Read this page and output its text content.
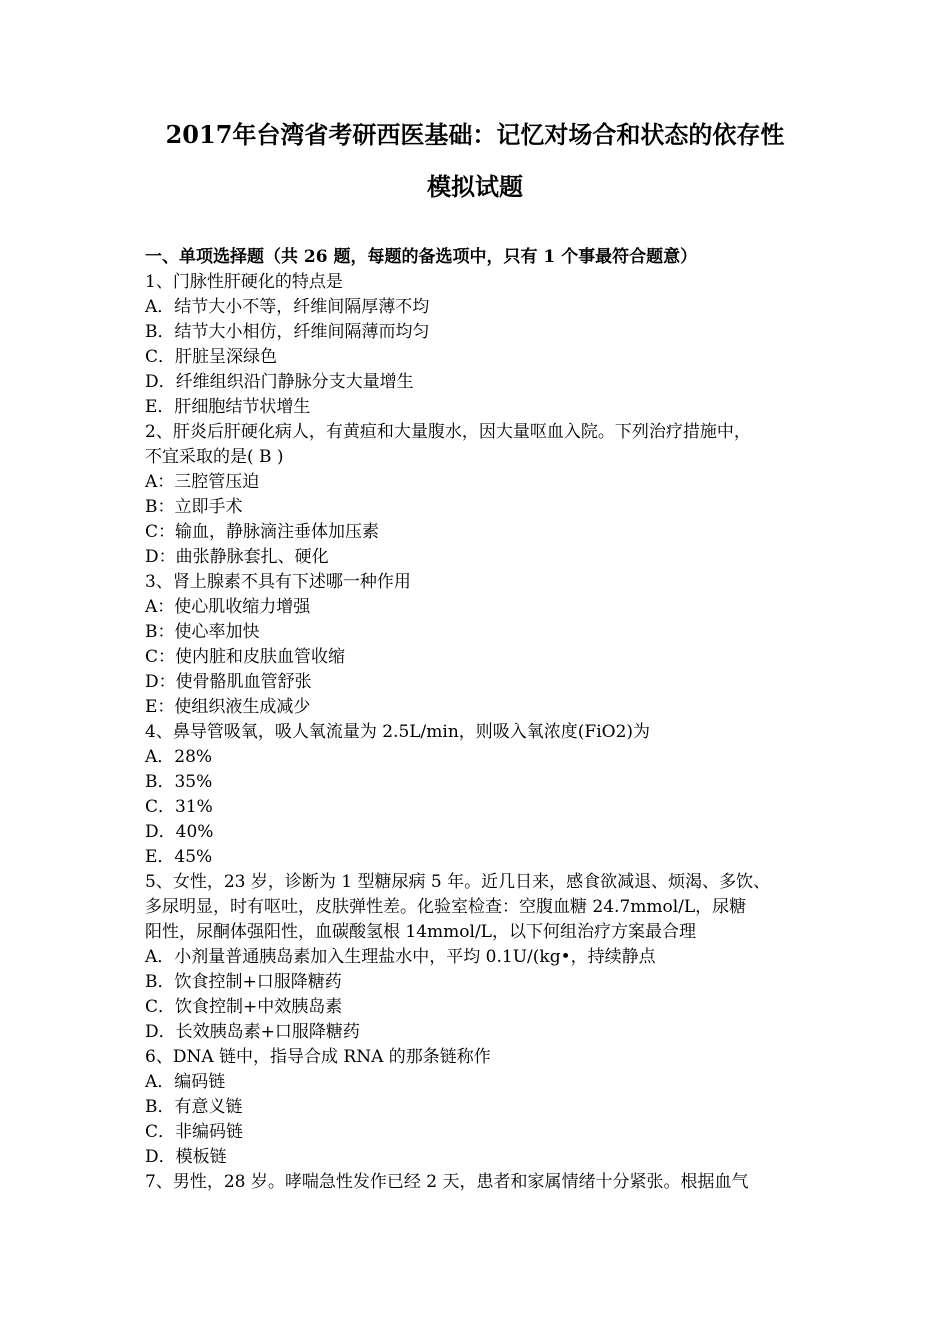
2017年台湾省考研西医基础：记忆对场合和状态的依存性
模拟试题
一、单项选择题（共 26 题，每题的备选项中，只有 1 个事最符合题意）
1、门脉性肝硬化的特点是
A．结节大小不等，纤维间隔厚薄不均
B．结节大小相仿，纤维间隔薄而均匀
C．肝脏呈深绿色
D．纤维组织沿门静脉分支大量增生
E．肝细胞结节状增生
2、肝炎后肝硬化病人，有黄疸和大量腹水，因大量呕血入院。下列治疗措施中，
不宜采取的是( B )
A：三腔管压迫
B：立即手术
C：输血，静脉滴注垂体加压素
D：曲张静脉套扎、硬化
3、肾上腺素不具有下述哪一种作用
A：使心肌收缩力增强
B：使心率加快
C：使内脏和皮肤血管收缩
D：使骨骼肌血管舒张
E：使组织液生成减少
4、鼻导管吸氧，吸人氧流量为 2.5L/min，则吸入氧浓度(FiO2)为
A．28%
B．35%
C．31%
D．40%
E．45%
5、女性，23 岁，诊断为 1 型糖尿病 5 年。近几日来，感食欲减退、烦渴、多饮、
多尿明显，时有呕吐，皮肤弹性差。化验室检查：空腹血糖 24.7mmol/L，尿糖
阳性，尿酮体强阳性，血碳酸氢根 14mmol/L，以下何组治疗方案最合理
A．小剂量普通胰岛素加入生理盐水中，平均 0.1U/(kg•，持续静点
B．饮食控制+口服降糖药
C．饮食控制+中效胰岛素
D．长效胰岛素+口服降糖药
6、DNA 链中，指导合成 RNA 的那条链称作
A．编码链
B．有意义链
C．非编码链
D．模板链
7、男性，28 岁。哮喘急性发作已经 2 天，患者和家属情绪十分紧张。根据血气
